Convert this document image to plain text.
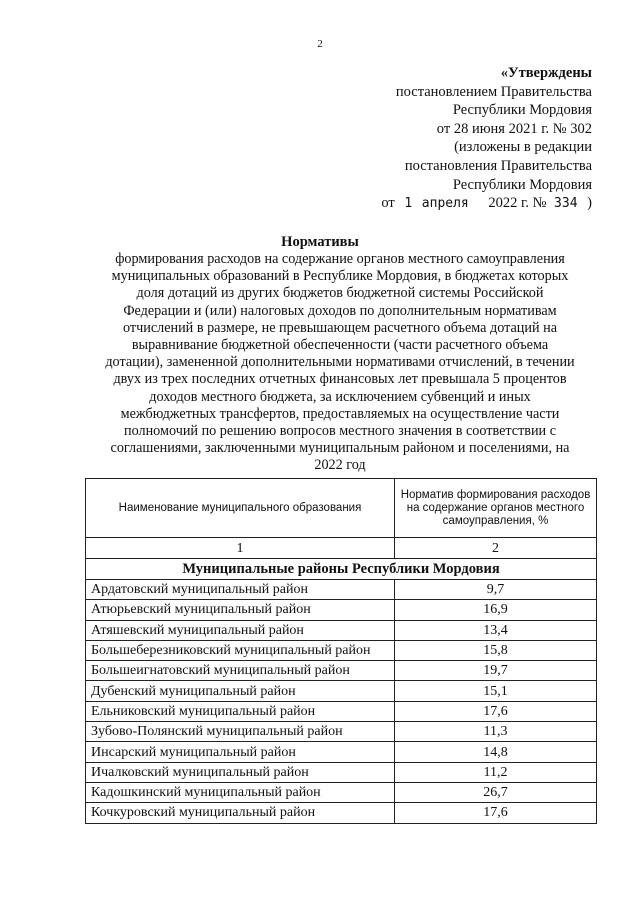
2
«Утверждены
постановлением Правительства
Республики Мордовия
от 28 июня 2021 г. № 302
(изложены в редакции
постановления Правительства
Республики Мордовия
от 1 апреля 2022 г. № 334 )
Нормативы
формирования расходов на содержание органов местного самоуправления
муниципальных образований в Республике Мордовия, в бюджетах которых
доля дотаций из других бюджетов бюджетной системы Российской
Федерации и (или) налоговых доходов по дополнительным нормативам
отчислений в размере, не превышающем расчетного объема дотаций на
выравнивание бюджетной обеспеченности (части расчетного объема
дотации), замененной дополнительными нормативами отчислений, в течении
двух из трех последних отчетных финансовых лет превышала 5 процентов
доходов местного бюджета, за исключением субвенций и иных
межбюджетных трансфертов, предоставляемых на осуществление части
полномочий по решению вопросов местного значения в соответствии с
соглашениями, заключенными муниципальным районом и поселениями, на
2022 год
Наименование муниципального образования	Норматив формирования расходов на содержание органов местного самоуправления, %
1	2
Муниципальные районы Республики Мордовия	
Ардатовский муниципальный район	9,7
Атюрьевский муниципальный район	16,9
Атяшевский муниципальный район	13,4
Большеберезниковский муниципальный район	15,8
Большеигнатовский муниципальный район	19,7
Дубенский муниципальный район	15,1
Ельниковский муниципальный район	17,6
Зубово-Полянский муниципальный район	11,3
Инсарский муниципальный район	14,8
Ичалковский муниципальный район	11,2
Кадошкинский муниципальный район	26,7
Кочкуровский муниципальный район	17,6
